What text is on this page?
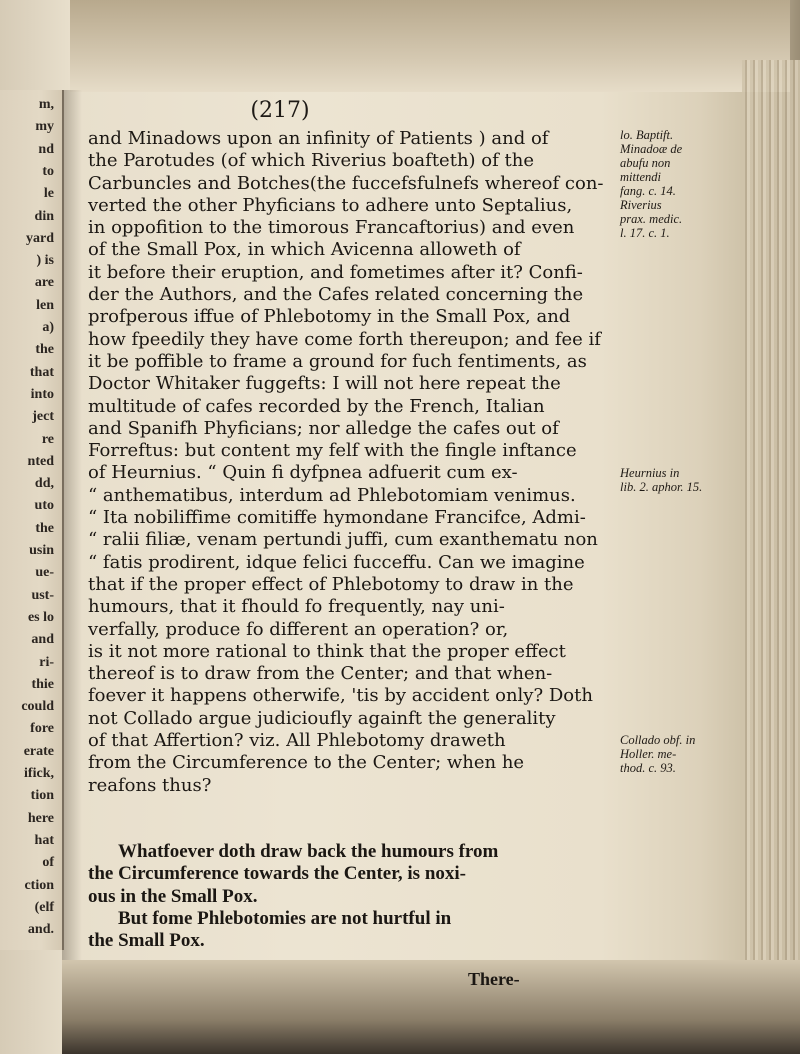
m,
my
nd
to
le
din
yard
) is
are
len
a)
the
that
into
ject
re
nted
dd,
uto
the
usin
ue-
ust-
es lo
and
ri-
thie
could
fore
erate
ifick,
tion
here
hat
of
ction
(elf
and.
(217)
and Minadows upon an infinity of Patients ) and of
the Parotudes (of which Riverius boafteth) of the
Carbuncles and Botches(the fuccefsfulnefs whereof con-
verted the other Phyficians to adhere unto Septalius,
in oppofition to the timorous Francaftorius) and even
of the Small Pox, in which Avicenna alloweth of
it before their eruption, and fometimes after it? Confi-
der the Authors, and the Cafes related concerning the
profperous iffue of Phlebotomy in the Small Pox, and
how fpeedily they have come forth thereupon; and fee if
it be poffible to frame a ground for fuch fentiments, as
Doctor Whitaker fuggefts: I will not here repeat the
multitude of cafes recorded by the French, Italian
and Spanifh Phyficians; nor alledge the cafes out of
Forreftus: but content my felf with the fingle inftance
of Heurnius. “ Quin fi dyfpnea adfuerit cum ex-
“ anthematibus, interdum ad Phlebotomiam venimus.
“ Ita nobiliffime comitiffe hymondane Francifce, Admi-
“ ralii filiæ, venam pertundi juffi, cum exanthematu non
“ fatis prodirent, idque felici fucceffu. Can we imagine
that if the proper effect of Phlebotomy to draw in the
humours, that it fhould fo frequently, nay uni-
verfally, produce fo different an operation? or,
is it not more rational to think that the proper effect
thereof is to draw from the Center; and that when-
foever it happens otherwife, 'tis by accident only? Doth
not Collado argue judicioufly againft the generality
of that Affertion? viz. All Phlebotomy draweth
from the Circumference to the Center; when he
reafons thus?
Whatfoever doth draw back the humours from
the Circumference towards the Center, is noxi-
ous in the Small Pox.
But fome Phlebotomies are not hurtful in
the Small Pox.
There-
lo. Baptift.
Minadoæ de
abufu non
mittendi
fang. c. 14.
Riverius
prax. medic.
l. 17. c. 1.
Heurnius in
lib. 2. aphor. 15.
Collado obf. in
Holler. me-
thod. c. 93.
